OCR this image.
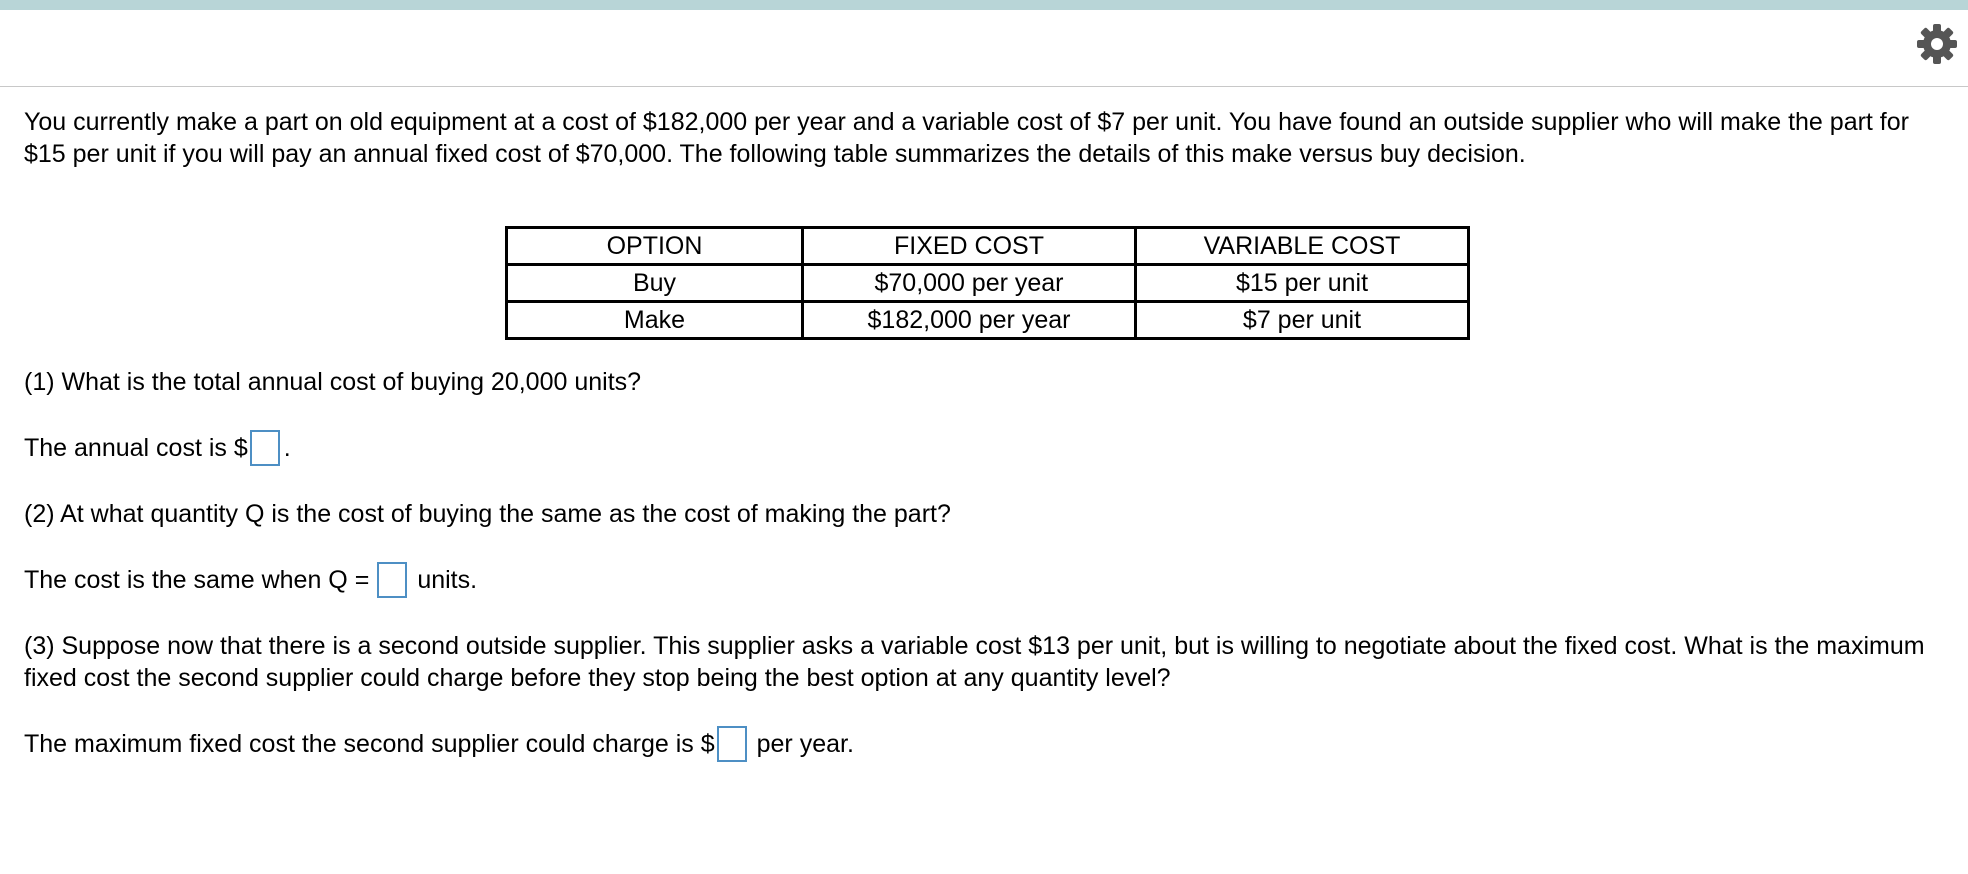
You currently make a part on old equipment at a cost of $182,000 per year and a variable cost of $7 per unit. You have found an outside supplier who will make the part for $15 per unit if you will pay an annual fixed cost of $70,000. The following table summarizes the details of this make versus buy decision.

OPTION	FIXED COST	VARIABLE COST
Buy	$70,000 per year	$15 per unit
Make	$182,000 per year	$7 per unit

(1) What is the total annual cost of buying 20,000 units?

The annual cost is $ .

(2) At what quantity Q is the cost of buying the same as the cost of making the part?

The cost is the same when Q = units.

(3) Suppose now that there is a second outside supplier. This supplier asks a variable cost $13 per unit, but is willing to negotiate about the fixed cost. What is the maximum fixed cost the second supplier could charge before they stop being the best option at any quantity level?

The maximum fixed cost the second supplier could charge is $ per year.
